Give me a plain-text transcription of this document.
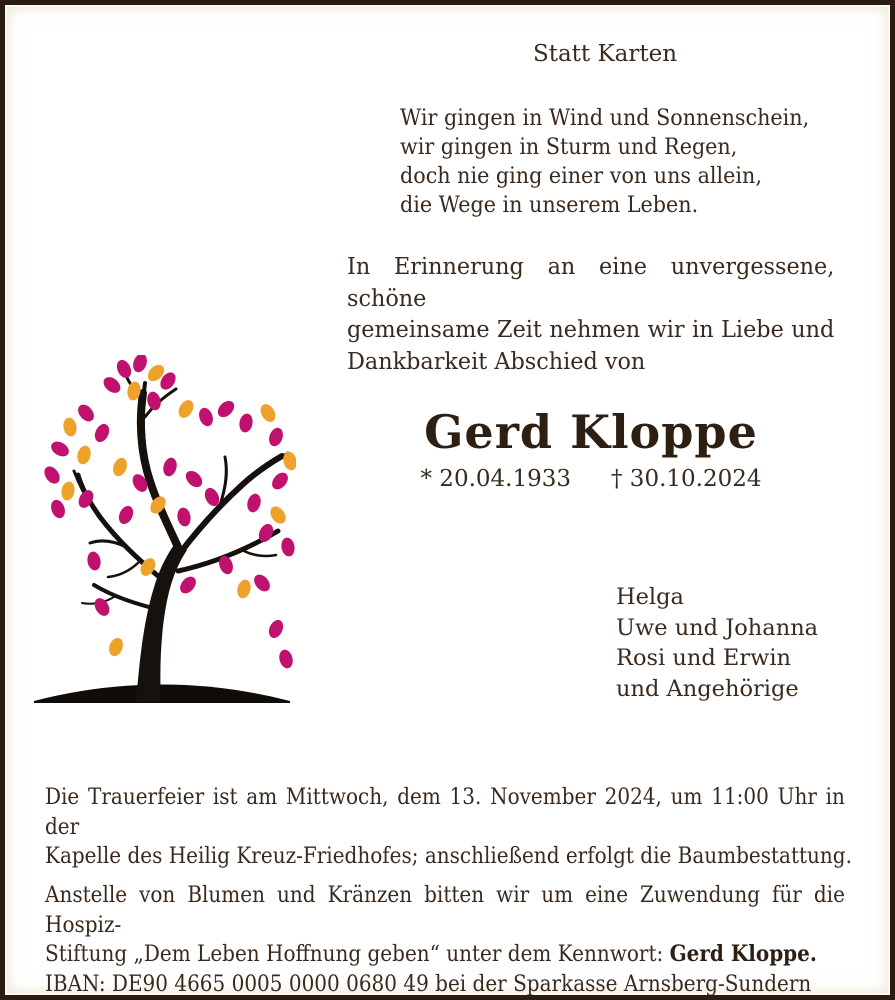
Statt Karten
Wir gingen in Wind und Sonnenschein,
wir gingen in Sturm und Regen,
doch nie ging einer von uns allein,
die Wege in unserem Leben.
In Erinnerung an eine unvergessene, schöne
gemeinsame Zeit nehmen wir in Liebe und
Dankbarkeit Abschied von
Gerd Kloppe
* 20.04.1933 † 30.10.2024
Helga
Uwe und Johanna
Rosi und Erwin
und Angehörige
Die Trauerfeier ist am Mittwoch, dem 13. November 2024, um 11:00 Uhr in der
Kapelle des Heilig Kreuz-Friedhofes; anschließend erfolgt die Baumbestattung.
Anstelle von Blumen und Kränzen bitten wir um eine Zuwendung für die Hospiz-
Stiftung „Dem Leben Hoffnung geben“ unter dem Kennwort: Gerd Kloppe.
IBAN: DE90 4665 0005 0000 0680 49 bei der Sparkasse Arnsberg-Sundern
